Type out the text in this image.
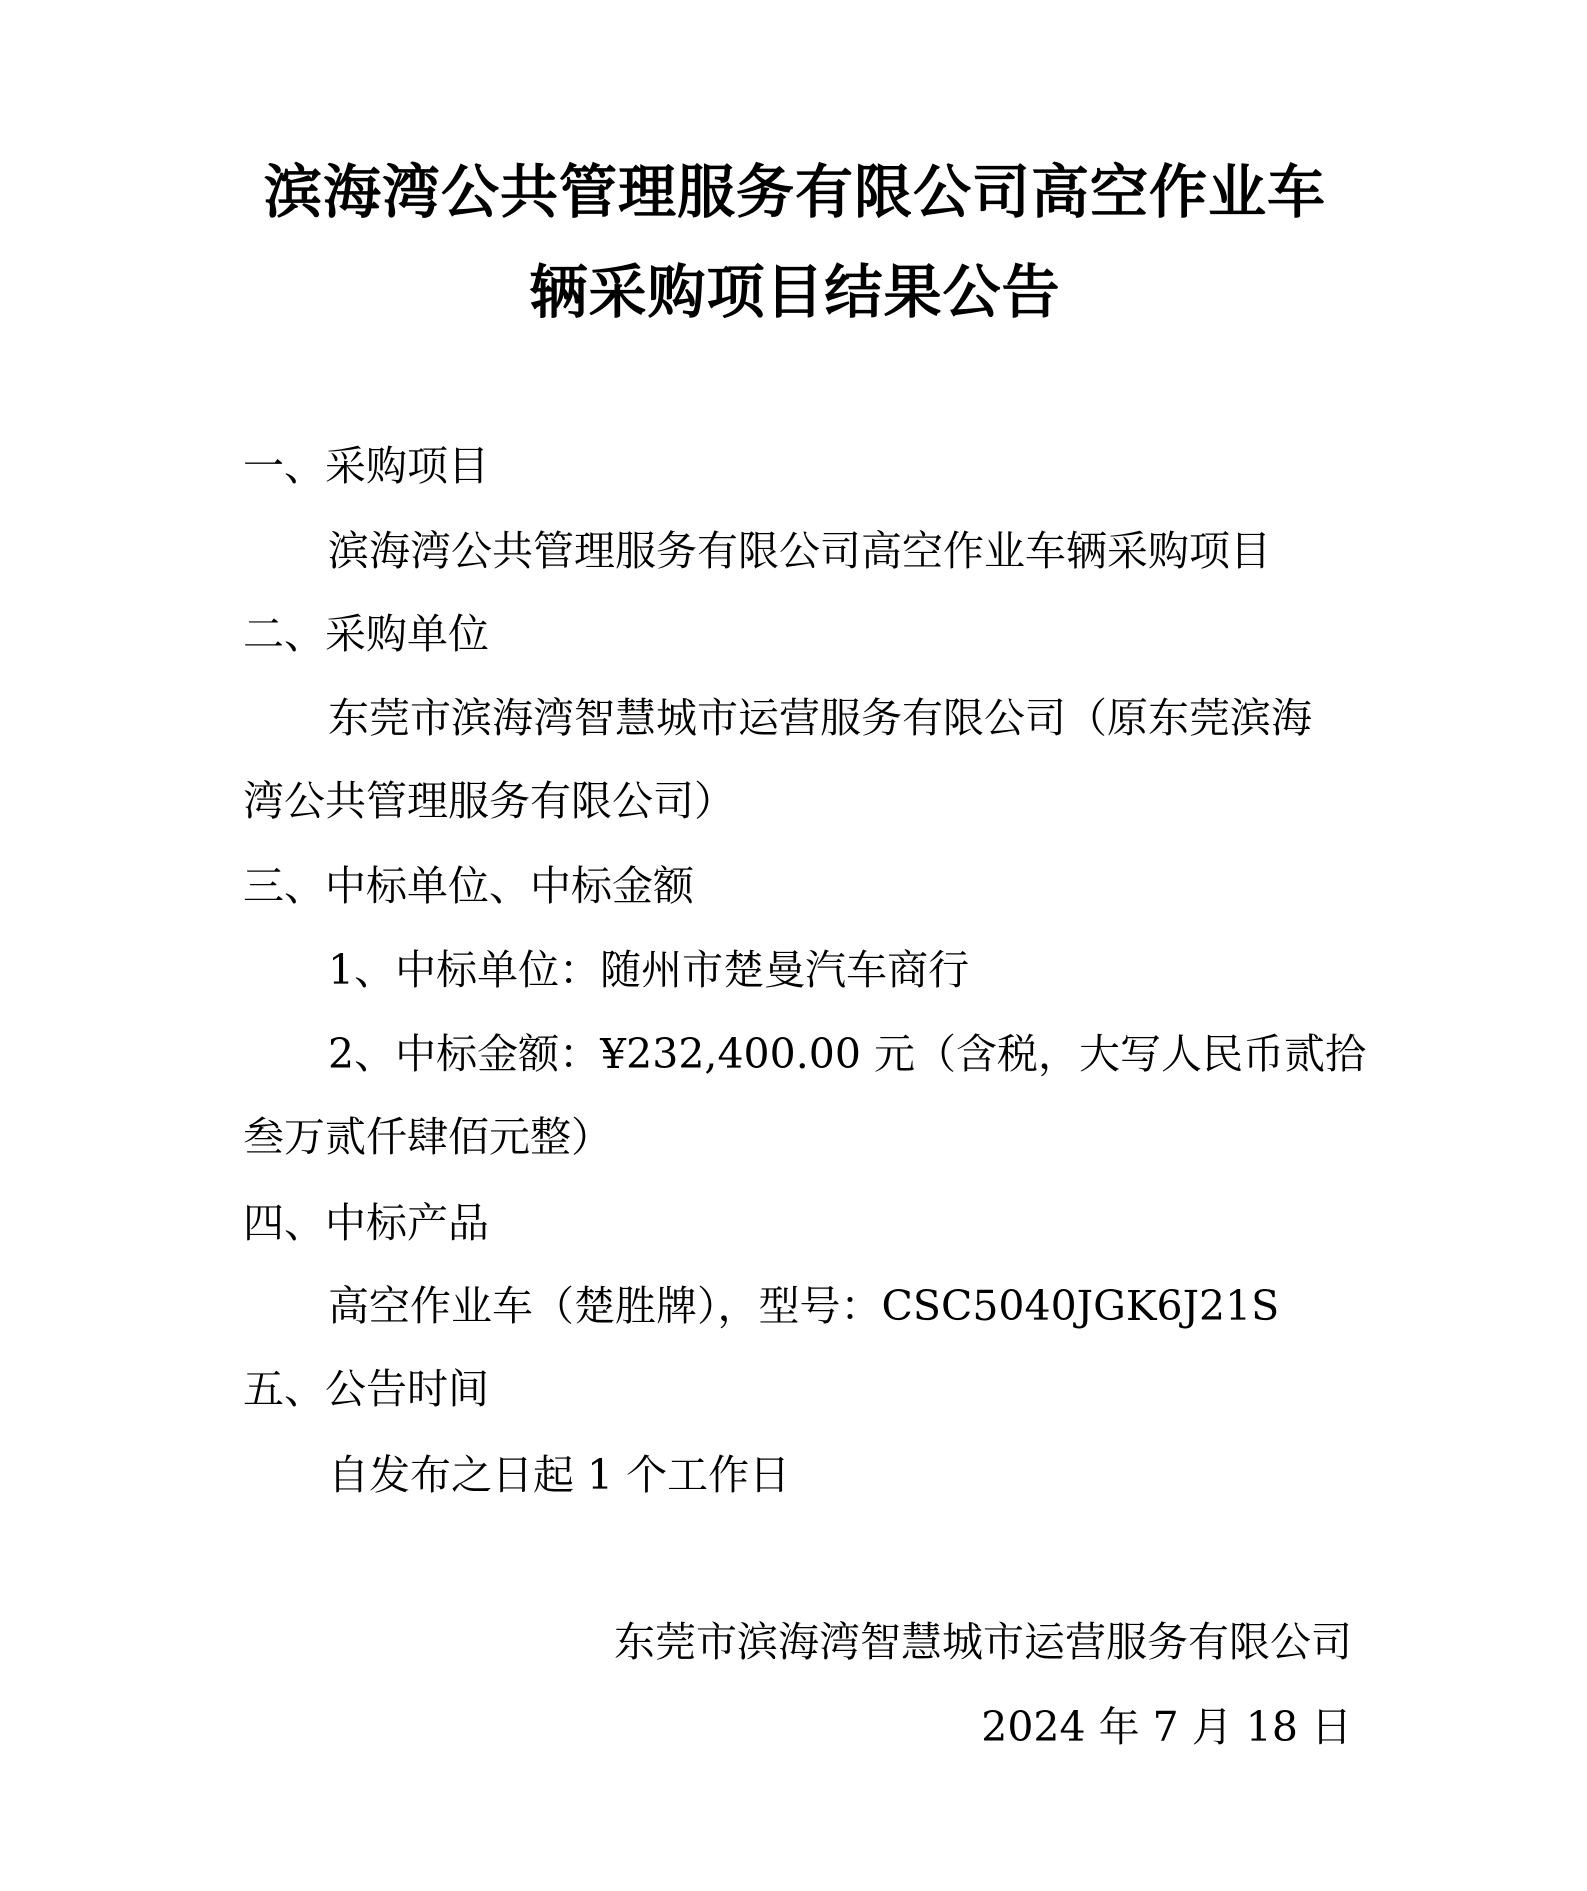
滨海湾公共管理服务有限公司高空作业车
辆采购项目结果公告
一、采购项目
滨海湾公共管理服务有限公司高空作业车辆采购项目
二、采购单位
东莞市滨海湾智慧城市运营服务有限公司（原东莞滨海
湾公共管理服务有限公司）
三、中标单位、中标金额
1、中标单位：随州市楚曼汽车商行
2、中标金额：¥232,400.00 元（含税，大写人民币贰拾
叁万贰仟肆佰元整）
四、中标产品
高空作业车（楚胜牌），型号：CSC5040JGK6J21S
五、公告时间
自发布之日起 1 个工作日
东莞市滨海湾智慧城市运营服务有限公司
2024 年 7 月 18 日
